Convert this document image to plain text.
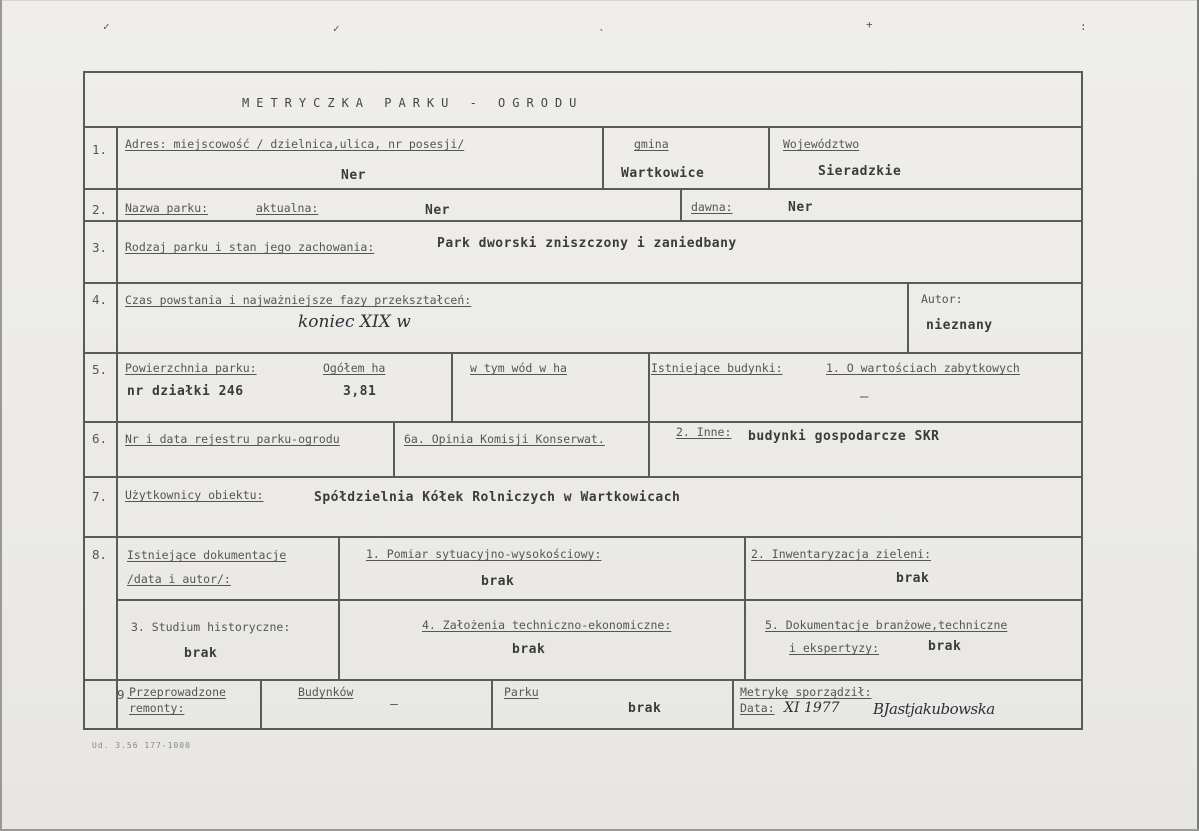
✓	✓	ˎ	+	:
METRYCZKA PARKU - OGRODU
1. Adres: miejscowość / dzielnica,ulica, nr posesji/
Ner
gmina
Wartkowice
Województwo
Sieradzkie
2. Nazwa parku:	aktualna:	Ner	dawna:	Ner
3. Rodzaj parku i stan jego zachowania:	Park dworski zniszczony i zaniedbany
4. Czas powstania i najważniejsze fazy przekształceń:
koniec XIX w
Autor:
nieznany
5. Powierzchnia parku:	Ogółem ha
nr działki 246	3,81
w tym wód w ha	Istniejące budynki:	1. O wartościach zabytkowych
—
6. Nr i data rejestru parku-ogrodu	6a. Opinia Komisji Konserwat.	2. Inne: budynki gospodarcze SKR
7. Użytkownicy obiektu:	Spółdzielnia Kółek Rolniczych w Wartkowicach
8. Istniejące dokumentacje
/data i autor/:
1. Pomiar sytuacyjno-wysokościowy:
brak
2. Inwentaryzacja zieleni:
brak
3. Studium historyczne:
brak
4. Założenia techniczno-ekonomiczne:
brak
5. Dokumentacje branżowe,techniczne
i ekspertyzy:	brak
9.
Przeprowadzone
remonty:
Budynków
—
Parku
brak
Metrykę sporządził:
Data: XI 1977 BJastjakubowska
Ud. 3.56 177-1000
